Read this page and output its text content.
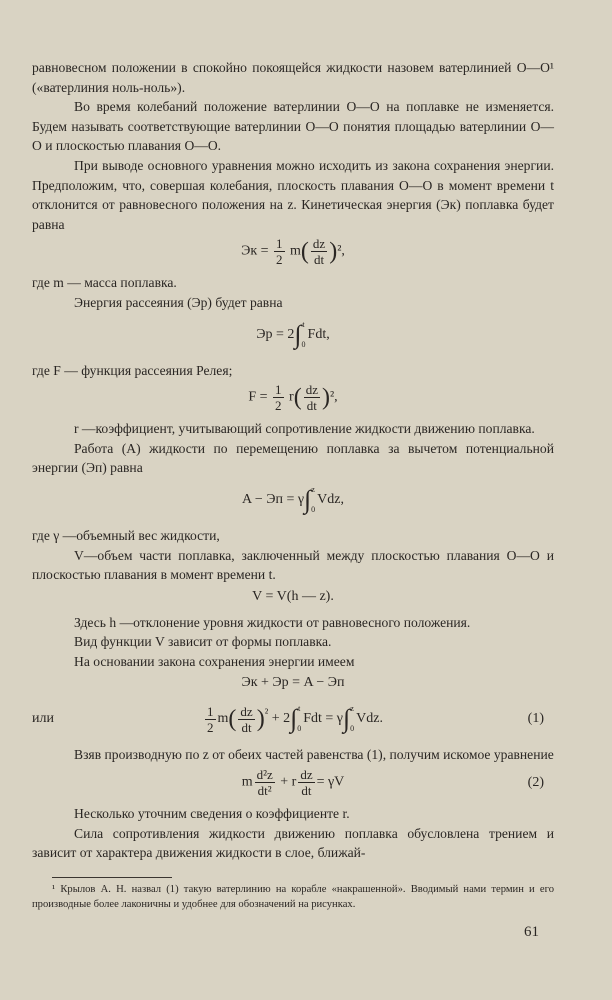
равновесном положении в спокойно покоящейся жидкости назовем ватерлинией О—О¹ («ватерлиния ноль-ноль»).

Во время колебаний положение ватерлинии О—О на поплавке не изменяется. Будем называть соответствующие ватерлинии О—О понятия площадью ватерлинии О—О и плоскостью плавания О—О.

При выводе основного уравнения можно исходить из закона сохранения энергии. Предположим, что, совершая колебания, плоскость плавания О—О в момент времени t отклонится от равновесного положения на z. Кинетическая энергия (Эк) поплавка будет равна

Эк = $\frac{1}{2} m( \frac{dz}{dt} )^2$,

где m — масса поплавка.

Энергия рассеяния (Эр) будет равна

Эр = 2∫t
0Fdt,

где F — функция рассеяния Релея;

$F = \frac{1}{2} r( \frac{dz}{dt} )^2$,

r —коэффициент, учитывающий сопротивление жидкости движению поплавка.

Работа (А) жидкости по перемещению поплавка за вычетом потенциальной энергии (Эп) равна

A − Эп = γ∫z
0Vdz,

где γ —объемный вес жидкости,

V—объем части поплавка, заключенный между плоскостью плавания О—О и плоскостью плавания в момент времени t.

V = V(h — z).

Здесь h —отклонение уровня жидкости от равновесного положения.

Вид функции V зависит от формы поплавка.

На основании закона сохранения энергии имеем

Эк + Эр = A − Эп
или	$\frac{1}{2} m( \frac{dz}{dt} )^{^2} + 2\int t$
0Fdt = γ∫z
0Vdz.	(1)

Взяв производную по z от обеих частей равенства (1), получим искомое уравнение

m $\frac{\text{d²z}}{\text{dt²}} + r \frac{dz}{dt} = \gamma V$	(2)

Несколько уточним сведения о коэффициенте r.

Сила сопротивления жидкости движению поплавка обусловлена трением и зависит от характера движения жидкости в слое, ближай-

¹ Крылов А. Н. назвал (1) такую ватерлинию на корабле «накрашенной». Вводимый нами термин и его производные более лаконичны и удобнее для обозначений на рисунках.

61
